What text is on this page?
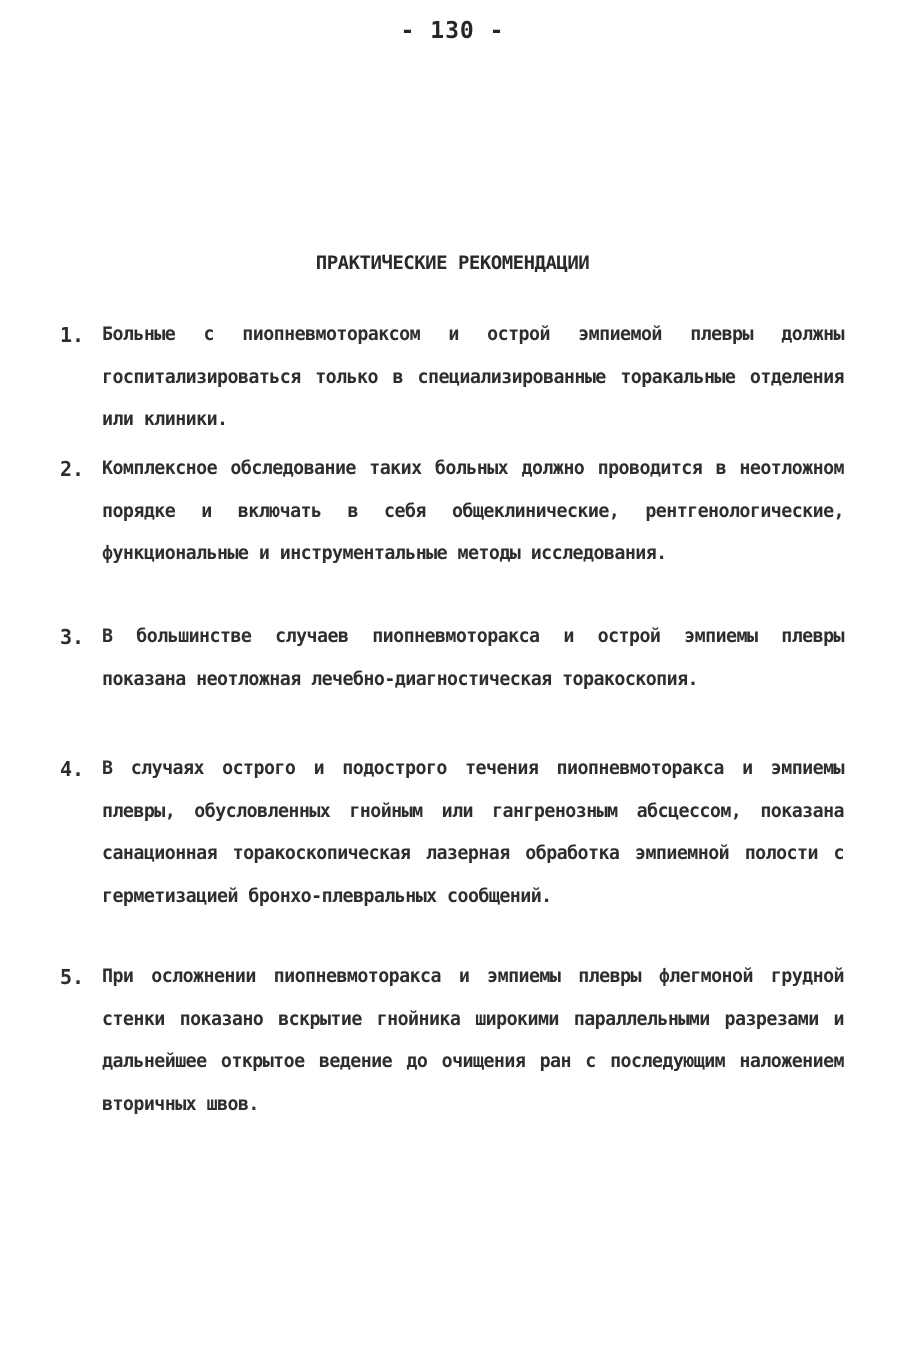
- 130 -
ПРАКТИЧЕСКИЕ РЕКОМЕНДАЦИИ
1. Больные с пиопневмотораксом и острой эмпиемой плевры должны госпитализироваться только в специализированные торакальные отделения или клиники.

2. Комплексное обследование таких больных должно проводится в неотложном порядке и включать в себя общеклинические, рентгенологические, функциональные и инструментальные методы исследования.

3. В большинстве случаев пиопневмоторакса и острой эмпиемы плевры показана неотложная лечебно-диагностическая торакоскопия.

4. В случаях острого и подострого течения пиопневмоторакса и эмпиемы плевры, обусловленных гнойным или гангренозным абсцессом, показана санационная торакоскопическая лазерная обработка эмпиемной полости с герметизацией бронхо-плевральных сообщений.

5. При осложнении пиопневмоторакса и эмпиемы плевры флегмоной грудной стенки показано вскрытие гнойника широкими параллельными разрезами и дальнейшее открытое ведение до очищения ран с последующим наложением вторичных швов.
